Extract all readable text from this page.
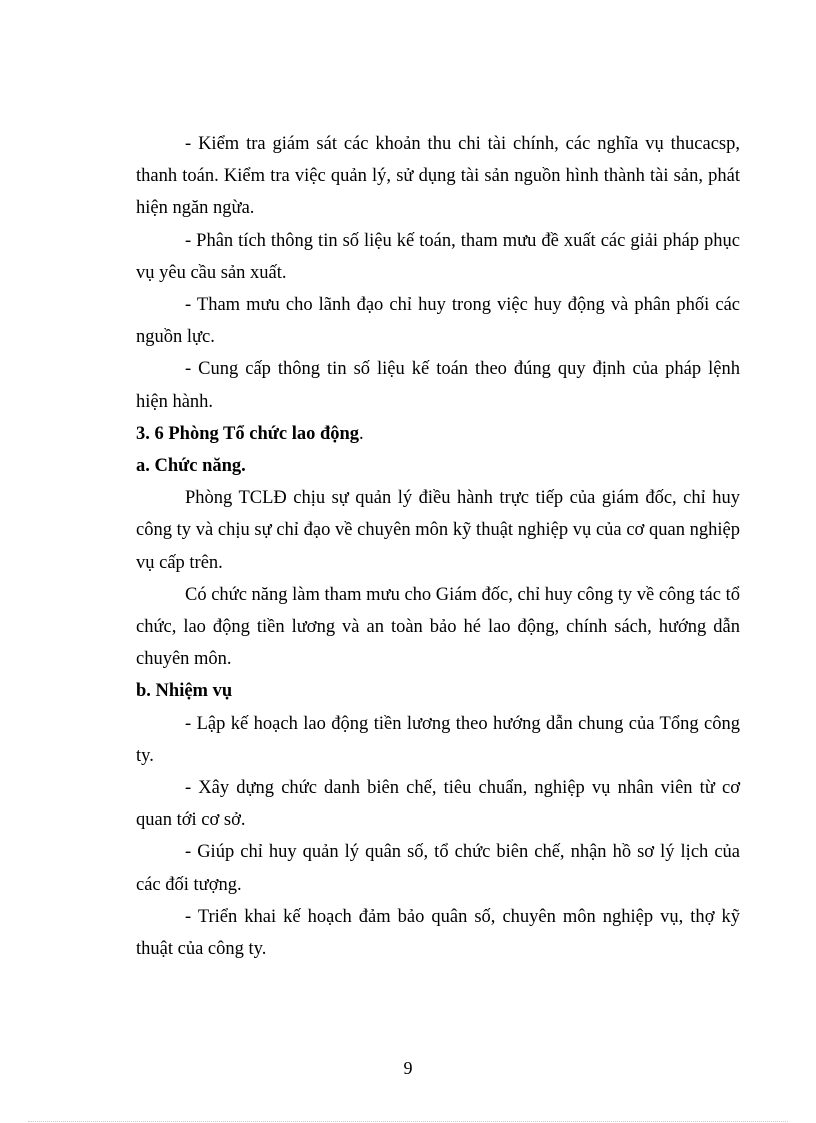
- Kiểm tra giám sát các khoản thu chi tài chính, các nghĩa vụ thucacsp, thanh toán. Kiểm tra việc quản lý, sử dụng tài sản nguồn hình thành tài sản, phát hiện ngăn ngừa.

- Phân tích thông tin số liệu kế toán, tham mưu đề xuất các giải pháp phục vụ yêu cầu sản xuất.

- Tham mưu cho lãnh đạo chỉ huy trong việc huy động và phân phối các nguồn lực.

- Cung cấp thông tin số liệu kế toán theo đúng quy định của pháp lệnh hiện hành.

3. 6 Phòng Tổ chức lao động.

a. Chức năng.

Phòng TCLĐ chịu sự quản lý điều hành trực tiếp của giám đốc, chỉ huy công ty và chịu sự chỉ đạo về chuyên môn kỹ thuật nghiệp vụ của cơ quan nghiệp vụ cấp trên.

Có chức năng làm tham mưu cho Giám đốc, chỉ huy công ty về công tác tổ chức, lao động tiền lương và an toàn bảo hé lao động, chính sách, hướng dẫn chuyên môn.

b. Nhiệm vụ

- Lập kế hoạch lao động tiền lương theo hướng dẫn chung của Tổng công ty.

- Xây dựng chức danh biên chế, tiêu chuẩn, nghiệp vụ nhân viên từ cơ quan tới cơ sở.

- Giúp chỉ huy quản lý quân số, tổ chức biên chế, nhận hồ sơ lý lịch của các đối tượng.

- Triển khai kế hoạch đảm bảo quân số, chuyên môn nghiệp vụ, thợ kỹ thuật của công ty.

9
